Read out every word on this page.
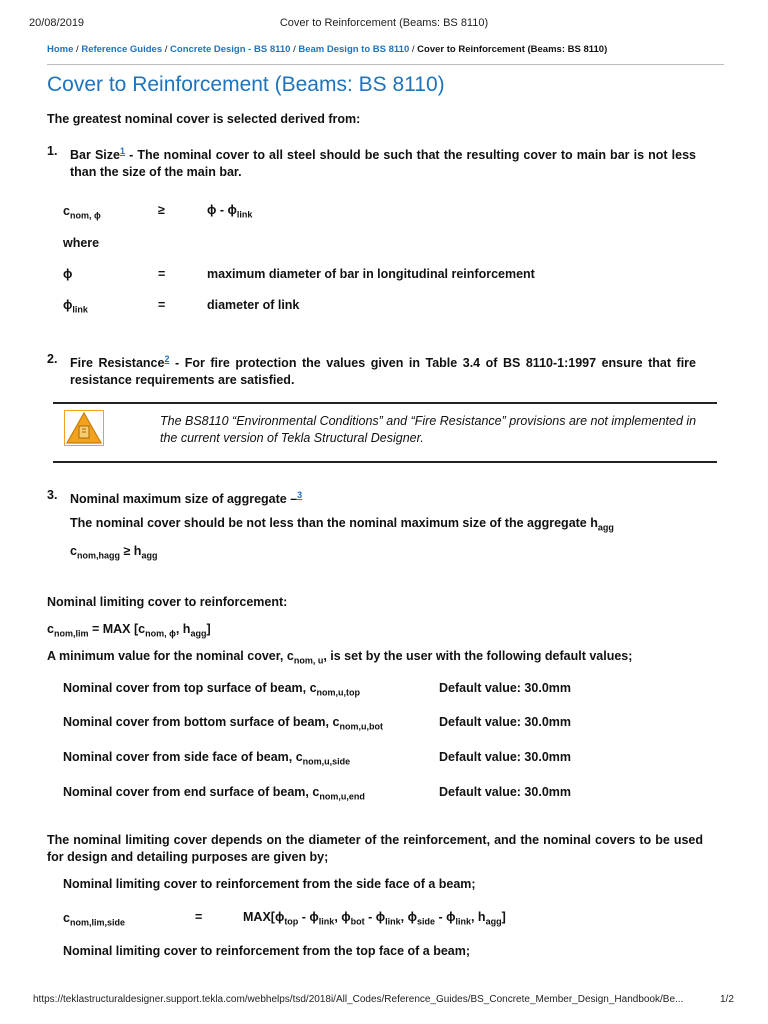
20/08/2019	Cover to Reinforcement (Beams: BS 8110)
Home / Reference Guides / Concrete Design - BS 8110 / Beam Design to BS 8110 / Cover to Reinforcement (Beams: BS 8110)
Cover to Reinforcement (Beams: BS 8110)
The greatest nominal cover is selected derived from:
1. Bar Size$^1$ - The nominal cover to all steel should be such that the resulting cover to main bar is not less than the size of the main bar.
$c_{nom, \phi}$	≥	ϕ - $\phi_{link}$
where
ϕ	=	maximum diameter of bar in longitudinal reinforcement
$\phi_{link}$	=	diameter of link
2. Fire Resistance$^2$ - For fire protection the values given in Table 3.4 of BS 8110-1:1997 ensure that fire resistance requirements are satisfied.
The BS8110 “Environmental Conditions” and “Fire Resistance” provisions are not implemented in the current version of Tekla Structural Designer.
3. Nominal maximum size of aggregate –$^3$
The nominal cover should be not less than the nominal maximum size of the aggregate $h_{agg}$
$c_{nom,hagg} \ge h_{agg}$
Nominal limiting cover to reinforcement:
$c_{nom,lim}$ = MAX [$c_{nom, \phi}$, $h_{agg}$]
A minimum value for the nominal cover, $c_{nom, u}$, is set by the user with the following default values;
Nominal cover from top surface of beam, $c_{nom,u,top}$	Default value: 30.0mm
Nominal cover from bottom surface of beam, $c_{nom,u,bot}$	Default value: 30.0mm
Nominal cover from side face of beam, $c_{nom,u,side}$	Default value: 30.0mm
Nominal cover from end surface of beam, $c_{nom,u,end}$	Default value: 30.0mm
The nominal limiting cover depends on the diameter of the reinforcement, and the nominal covers to be used for design and detailing purposes are given by;
Nominal limiting cover to reinforcement from the side face of a beam;
$c_{nom,lim,side}$	=	$MAX[\phi_{top} - \phi_{link}$, $\phi_{bot} - \phi_{link}$, $\phi_{side} - \phi_{link}$, $h_{agg}$]
Nominal limiting cover to reinforcement from the top face of a beam;
https://teklastructuraldesigner.support.tekla.com/webhelps/tsd/2018i/All_Codes/Reference_Guides/BS_Concrete_Member_Design_Handbook/Be...	1/2
